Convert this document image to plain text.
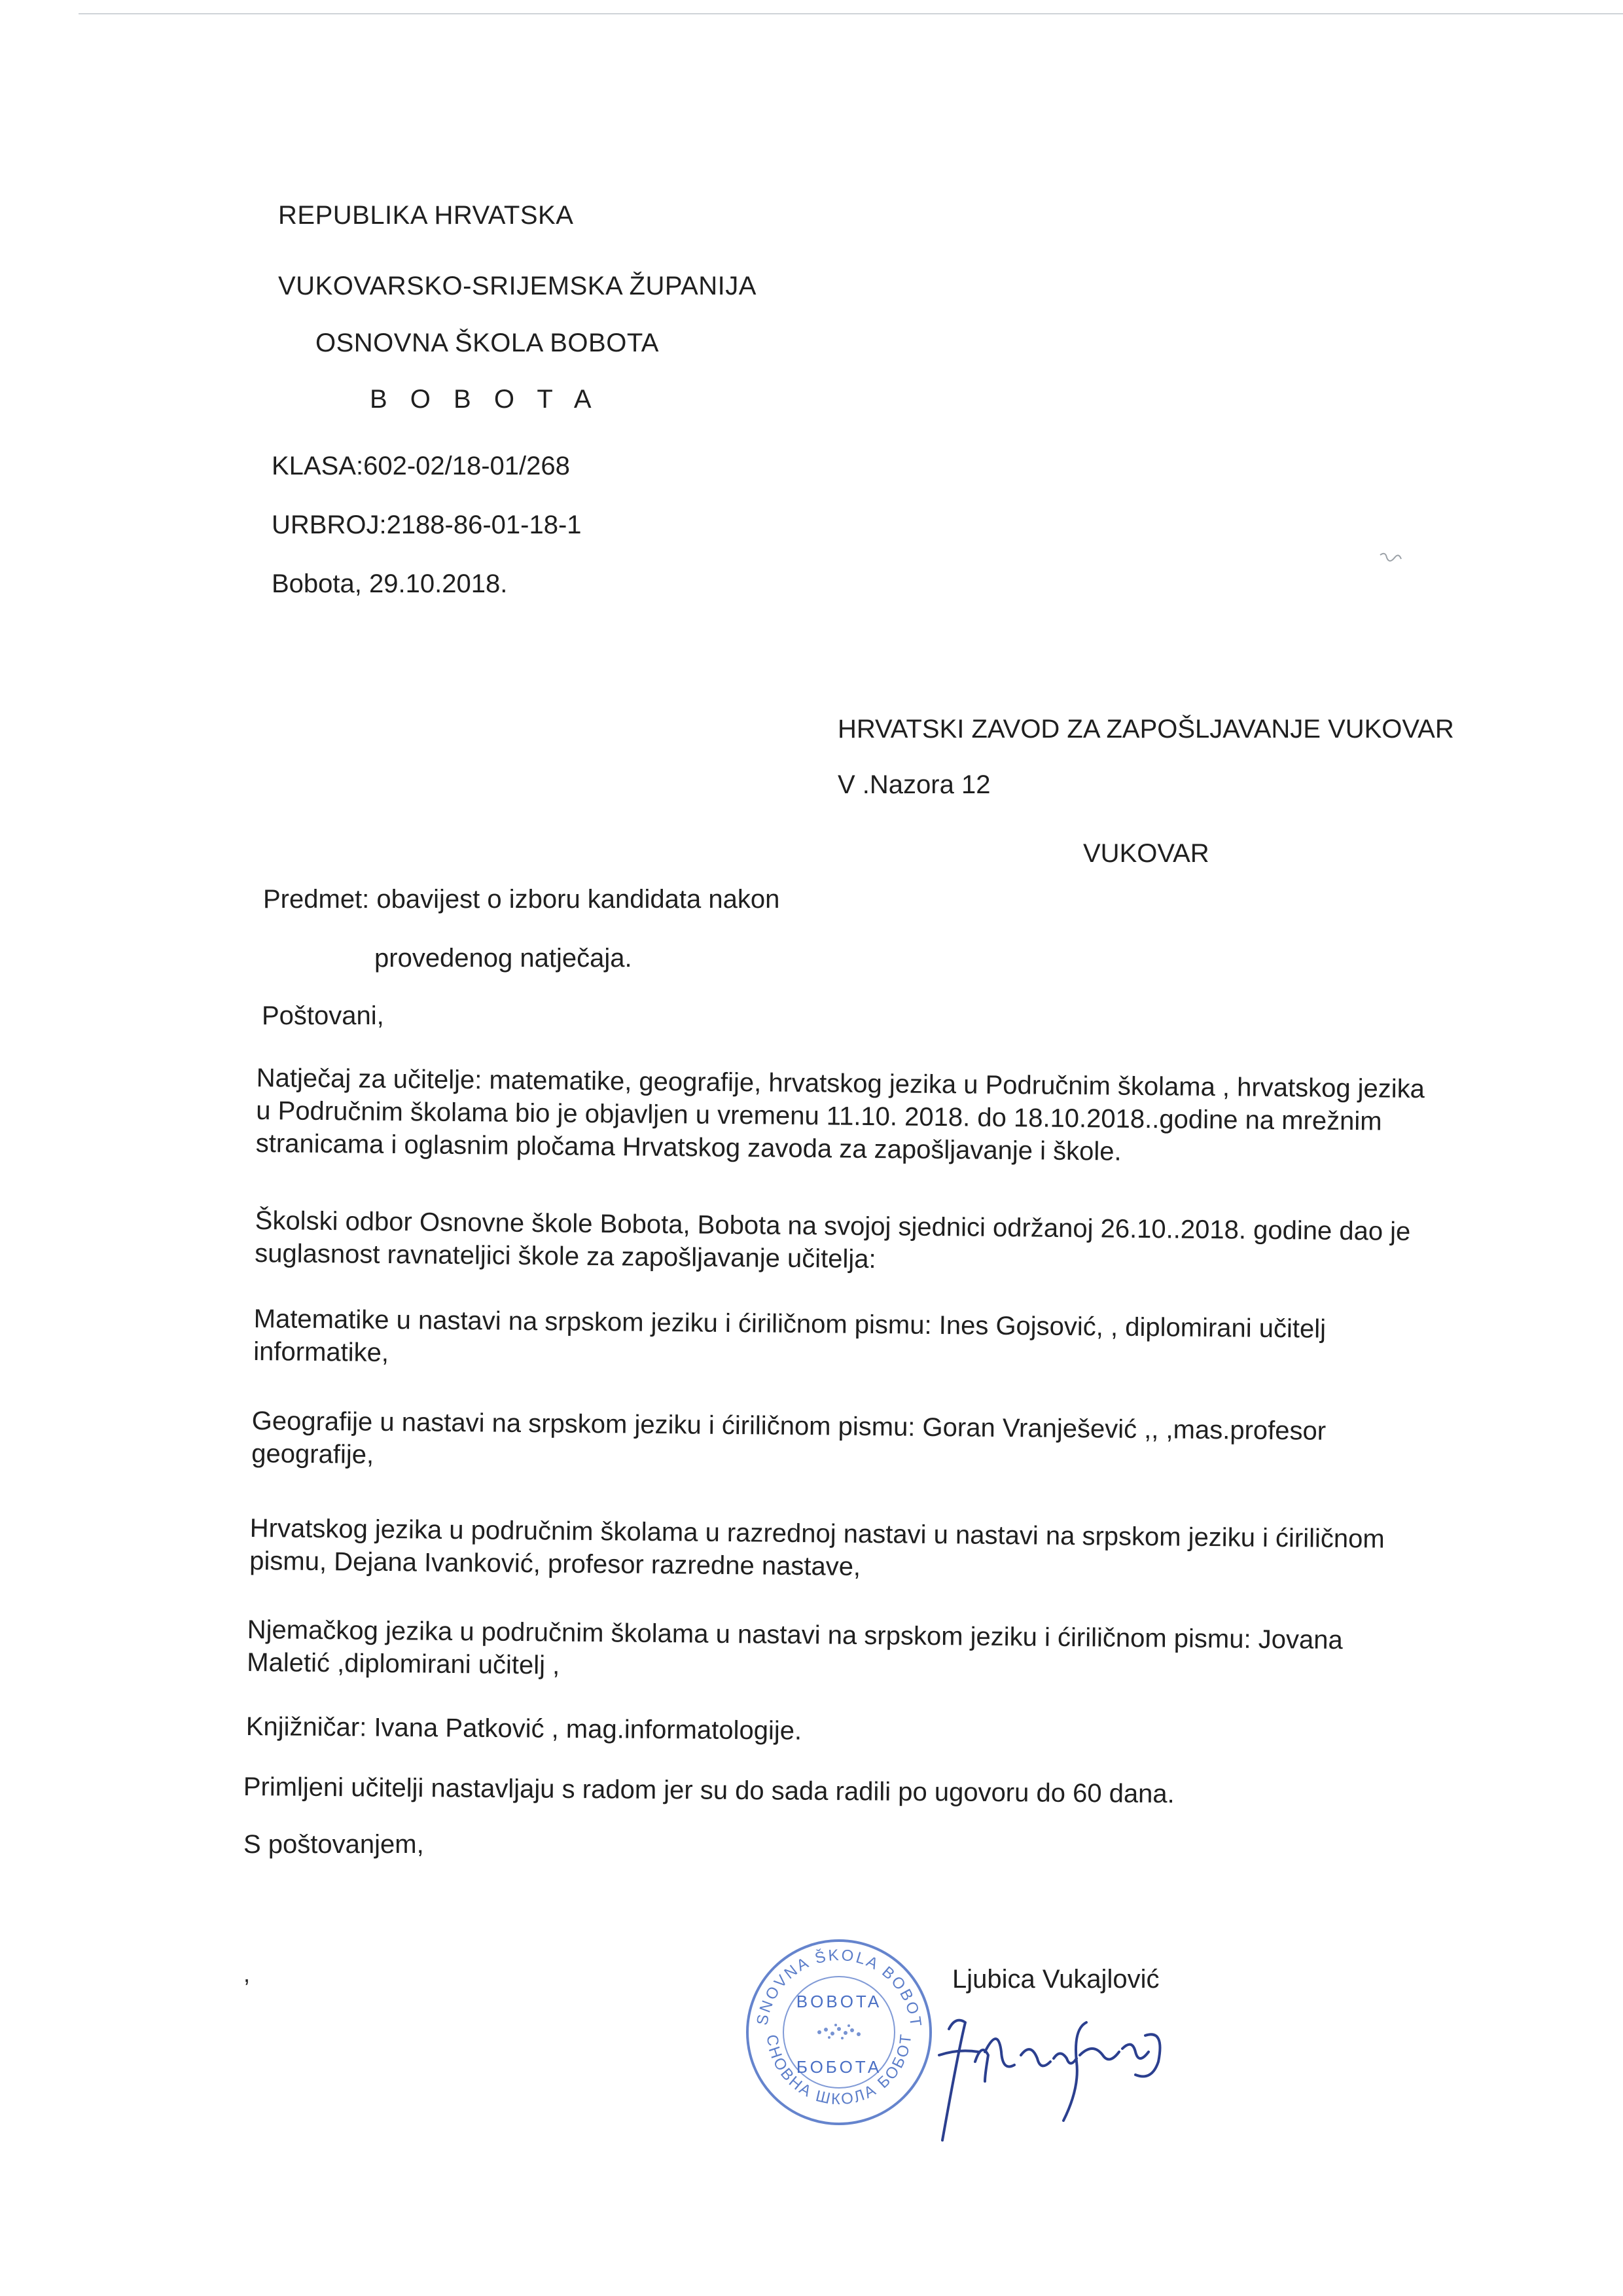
REPUBLIKA HRVATSKA
VUKOVARSKO-SRIJEMSKA ŽUPANIJA
OSNOVNA ŠKOLA BOBOTA
B O B O T A
KLASA:602-02/18-01/268
URBROJ:2188-86-01-18-1
Bobota, 29.10.2018.
HRVATSKI ZAVOD ZA ZAPOŠLJAVANJE VUKOVAR
V .Nazora 12
VUKOVAR
Predmet: obavijest o izboru kandidata nakon
provedenog natječaja.
Poštovani,
Natječaj za učitelje: matematike, geografije, hrvatskog jezika u Područnim školama , hrvatskog jezika
u Područnim školama bio je objavljen u vremenu 11.10. 2018. do 18.10.2018..godine na mrežnim
stranicama i oglasnim pločama Hrvatskog zavoda za zapošljavanje i škole.
Školski odbor Osnovne škole Bobota, Bobota na svojoj sjednici održanoj 26.10..2018. godine dao je
suglasnost ravnateljici škole za zapošljavanje učitelja:
Matematike u nastavi na srpskom jeziku i ćiriličnom pismu: Ines Gojsović, , diplomirani učitelj
informatike,
Geografije u nastavi na srpskom jeziku i ćiriličnom pismu: Goran Vranješević ,, ,mas.profesor
geografije,
Hrvatskog jezika u područnim školama u razrednoj nastavi u nastavi na srpskom jeziku i ćiriličnom
pismu, Dejana Ivanković, profesor razredne nastave,
Njemačkog jezika u područnim školama u nastavi na srpskom jeziku i ćiriličnom pismu: Jovana
Maletić ,diplomirani učitelj ,
Knjižničar: Ivana Patković , mag.informatologije.
Primljeni učitelji nastavljaju s radom jer su do sada radili po ugovoru do 60 dana.
S poštovanjem,
,
SNOVNA ŠKOLA BOBOT
СНОВНА ШКОЛА БОБОТ
BOBOTA
БОБОТА
Ljubica Vukajlović
